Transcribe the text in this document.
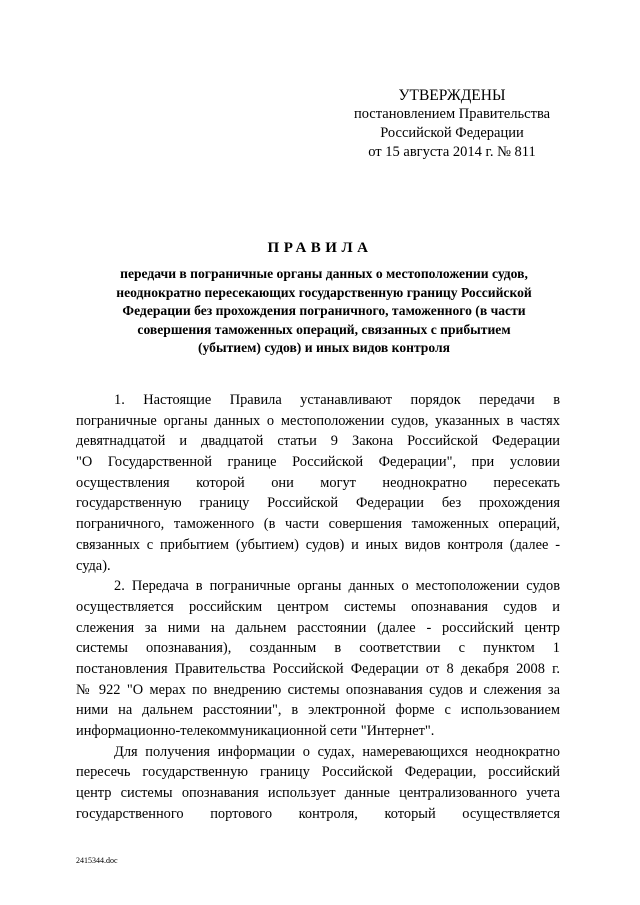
УТВЕРЖДЕНЫ
постановлением Правительства
Российской Федерации
от 15 августа 2014 г. № 811
ПРАВИЛА
передачи в пограничные органы данных о местоположении судов,
неоднократно пересекающих государственную границу Российской
Федерации без прохождения пограничного, таможенного (в части
совершения таможенных операций, связанных с прибытием
(убытием) судов) и иных видов контроля
1. Настоящие Правила устанавливают порядок передачи в
пограничные органы данных о местоположении судов, указанных в частях
девятнадцатой и двадцатой статьи 9 Закона Российской Федерации
"О Государственной границе Российской Федерации", при условии
осуществления которой они могут неоднократно пересекать
государственную границу Российской Федерации без прохождения
пограничного, таможенного (в части совершения таможенных операций,
связанных с прибытием (убытием) судов) и иных видов контроля (далее -
суда).
2. Передача в пограничные органы данных о местоположении судов
осуществляется российским центром системы опознавания судов и
слежения за ними на дальнем расстоянии (далее - российский центр
системы опознавания), созданным в соответствии с пунктом 1
постановления Правительства Российской Федерации от 8 декабря 2008 г.
№ 922 "О мерах по внедрению системы опознавания судов и слежения за
ними на дальнем расстоянии", в электронной форме с использованием
информационно-телекоммуникационной сети "Интернет".
Для получения информации о судах, намеревающихся неоднократно
пересечь государственную границу Российской Федерации, российский
центр системы опознавания использует данные централизованного учета
государственного портового контроля, который осуществляется
2415344.doc
